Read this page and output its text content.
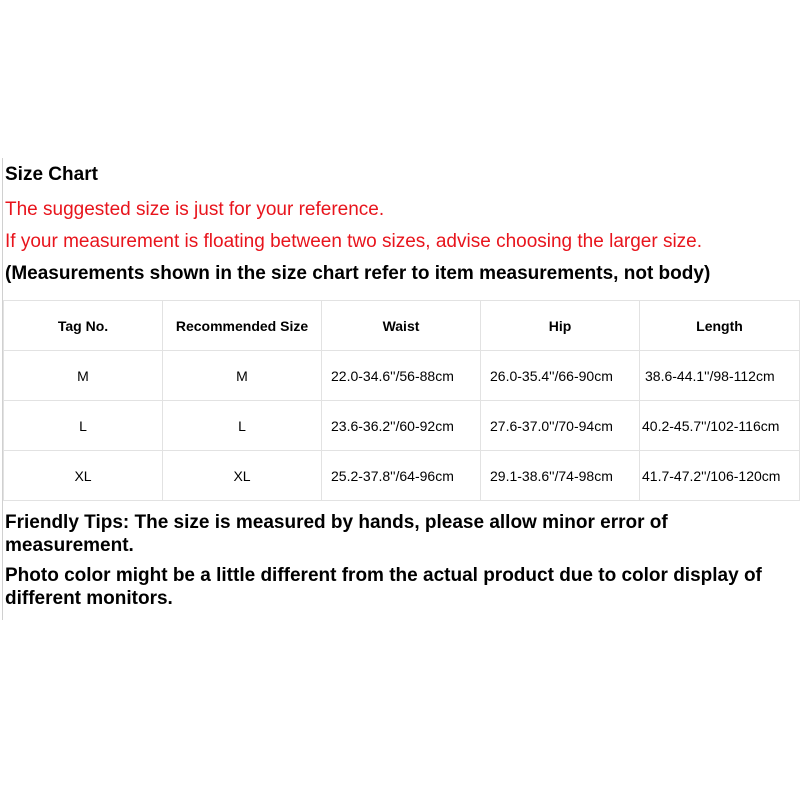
Size Chart
The suggested size is just for your reference.
If your measurement is floating between two sizes, advise choosing the larger size.
(Measurements shown in the size chart refer to item measurements, not body)
Tag No.	Recommended Size	Waist	Hip	Length
M	M	22.0-34.6''/56-88cm	26.0-35.4''/66-90cm	38.6-44.1''/98-112cm
L	L	23.6-36.2''/60-92cm	27.6-37.0''/70-94cm	40.2-45.7''/102-116cm
XL	XL	25.2-37.8''/64-96cm	29.1-38.6''/74-98cm	41.7-47.2''/106-120cm
Friendly Tips: The size is measured by hands, please allow minor error of measurement.
Photo color might be a little different from the actual product due to color display of different monitors.
